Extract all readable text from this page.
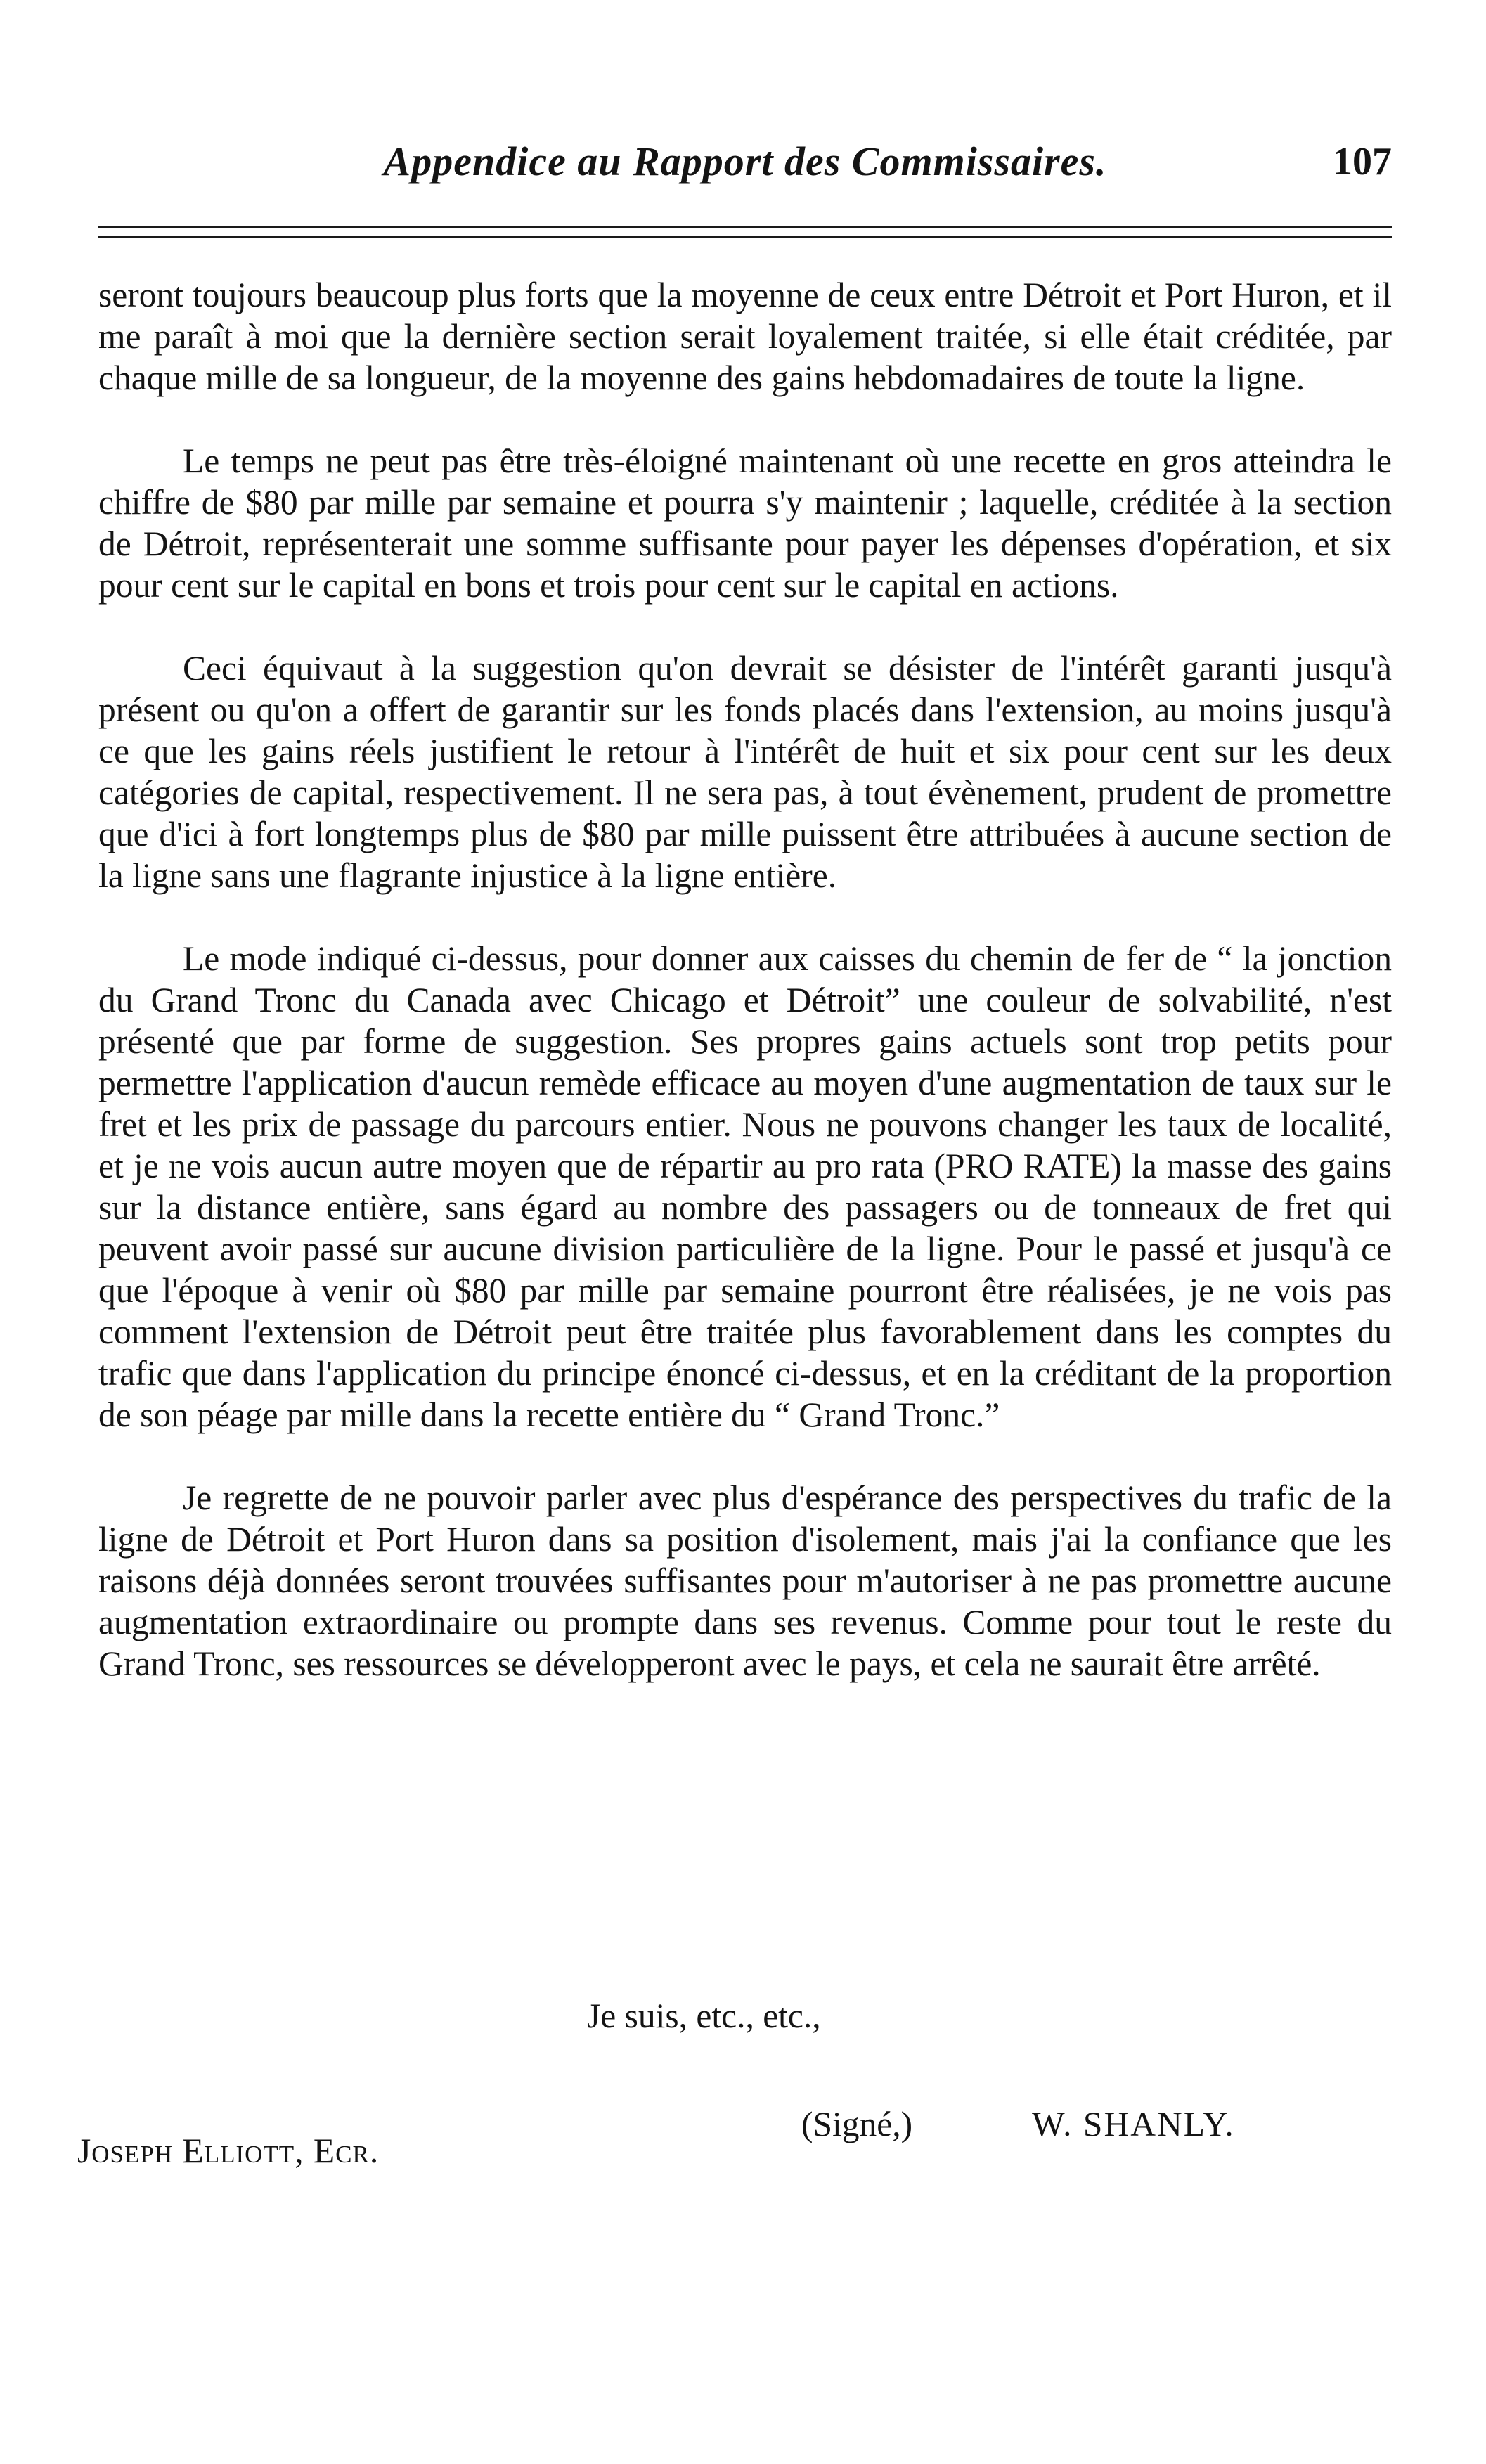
Appendice au Rapport des Commissaires.	107

seront toujours beaucoup plus forts que la moyenne de ceux entre Détroit et Port Huron, et il me paraît à moi que la dernière section serait loyalement traitée, si elle était créditée, par chaque mille de sa longueur, de la moyenne des gains hebdomadaires de toute la ligne.

Le temps ne peut pas être très-éloigné maintenant où une recette en gros atteindra le chiffre de $80 par mille par semaine et pourra s'y maintenir ; laquelle, créditée à la section de Détroit, représenterait une somme suffisante pour payer les dépenses d'opération, et six pour cent sur le capital en bons et trois pour cent sur le capital en actions.

Ceci équivaut à la suggestion qu'on devrait se désister de l'intérêt garanti jusqu'à présent ou qu'on a offert de garantir sur les fonds placés dans l'extension, au moins jusqu'à ce que les gains réels justifient le retour à l'intérêt de huit et six pour cent sur les deux catégories de capital, respectivement. Il ne sera pas, à tout évènement, prudent de promettre que d'ici à fort longtemps plus de $80 par mille puissent être attribuées à aucune section de la ligne sans une flagrante injustice à la ligne entière.

Le mode indiqué ci-dessus, pour donner aux caisses du chemin de fer de “ la jonction du Grand Tronc du Canada avec Chicago et Détroit” une couleur de solvabilité, n'est présenté que par forme de suggestion. Ses propres gains actuels sont trop petits pour permettre l'application d'aucun remède efficace au moyen d'une augmentation de taux sur le fret et les prix de passage du parcours entier. Nous ne pouvons changer les taux de localité, et je ne vois aucun autre moyen que de répartir au pro rata (PRO RATE) la masse des gains sur la distance entière, sans égard au nombre des passagers ou de tonneaux de fret qui peuvent avoir passé sur aucune division particulière de la ligne. Pour le passé et jusqu'à ce que l'époque à venir où $80 par mille par semaine pourront être réalisées, je ne vois pas comment l'extension de Détroit peut être traitée plus favorablement dans les comptes du trafic que dans l'application du principe énoncé ci-dessus, et en la créditant de la proportion de son péage par mille dans la recette entière du “ Grand Tronc.”

Je regrette de ne pouvoir parler avec plus d'espérance des perspectives du trafic de la ligne de Détroit et Port Huron dans sa position d'isolement, mais j'ai la confiance que les raisons déjà données seront trouvées suffisantes pour m'autoriser à ne pas promettre aucune augmentation extraordinaire ou prompte dans ses revenus. Comme pour tout le reste du Grand Tronc, ses ressources se développeront avec le pays, et cela ne saurait être arrêté.

Je suis, etc., etc.,
(Signé,)	W. SHANLY.
Joseph Elliott, Ecr.
